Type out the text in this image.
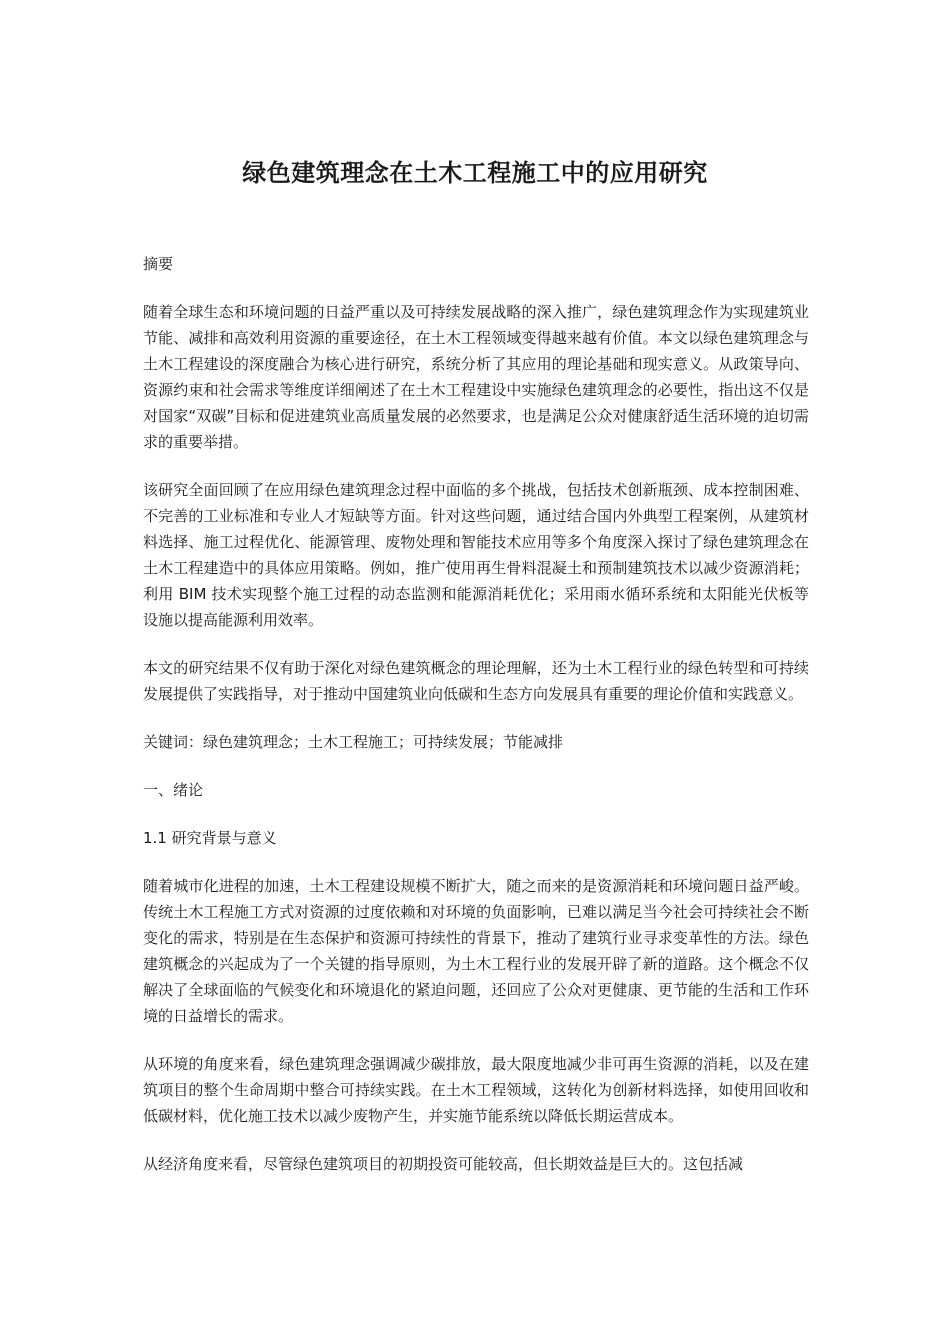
绿色建筑理念在土木工程施工中的应用研究

摘要

随着全球生态和环境问题的日益严重以及可持续发展战略的深入推广，绿色建筑理念作为实现建筑业节能、减排和高效利用资源的重要途径，在土木工程领域变得越来越有价值。本文以绿色建筑理念与土木工程建设的深度融合为核心进行研究，系统分析了其应用的理论基础和现实意义。从政策导向、资源约束和社会需求等维度详细阐述了在土木工程建设中实施绿色建筑理念的必要性，指出这不仅是对国家“双碳”目标和促进建筑业高质量发展的必然要求，也是满足公众对健康舒适生活环境的迫切需求的重要举措。

该研究全面回顾了在应用绿色建筑理念过程中面临的多个挑战，包括技术创新瓶颈、成本控制困难、不完善的工业标准和专业人才短缺等方面。针对这些问题，通过结合国内外典型工程案例，从建筑材料选择、施工过程优化、能源管理、废物处理和智能技术应用等多个角度深入探讨了绿色建筑理念在土木工程建造中的具体应用策略。例如，推广使用再生骨料混凝土和预制建筑技术以减少资源消耗；利用 BIM 技术实现整个施工过程的动态监测和能源消耗优化；采用雨水循环系统和太阳能光伏板等设施以提高能源利用效率。

本文的研究结果不仅有助于深化对绿色建筑概念的理论理解，还为土木工程行业的绿色转型和可持续发展提供了实践指导，对于推动中国建筑业向低碳和生态方向发展具有重要的理论价值和实践意义。

关键词：绿色建筑理念；土木工程施工；可持续发展；节能减排

一、绪论

1.1 研究背景与意义

随着城市化进程的加速，土木工程建设规模不断扩大，随之而来的是资源消耗和环境问题日益严峻。传统土木工程施工方式对资源的过度依赖和对环境的负面影响，已难以满足当今社会可持续社会不断变化的需求，特别是在生态保护和资源可持续性的背景下，推动了建筑行业寻求变革性的方法。绿色建筑概念的兴起成为了一个关键的指导原则，为土木工程行业的发展开辟了新的道路。这个概念不仅解决了全球面临的气候变化和环境退化的紧迫问题，还回应了公众对更健康、更节能的生活和工作环境的日益增长的需求。

从环境的角度来看，绿色建筑理念强调减少碳排放，最大限度地减少非可再生资源的消耗，以及在建筑项目的整个生命周期中整合可持续实践。在土木工程领域，这转化为创新材料选择，如使用回收和低碳材料，优化施工技术以减少废物产生，并实施节能系统以降低长期运营成本。

从经济角度来看，尽管绿色建筑项目的初期投资可能较高，但长期效益是巨大的。这包括减
